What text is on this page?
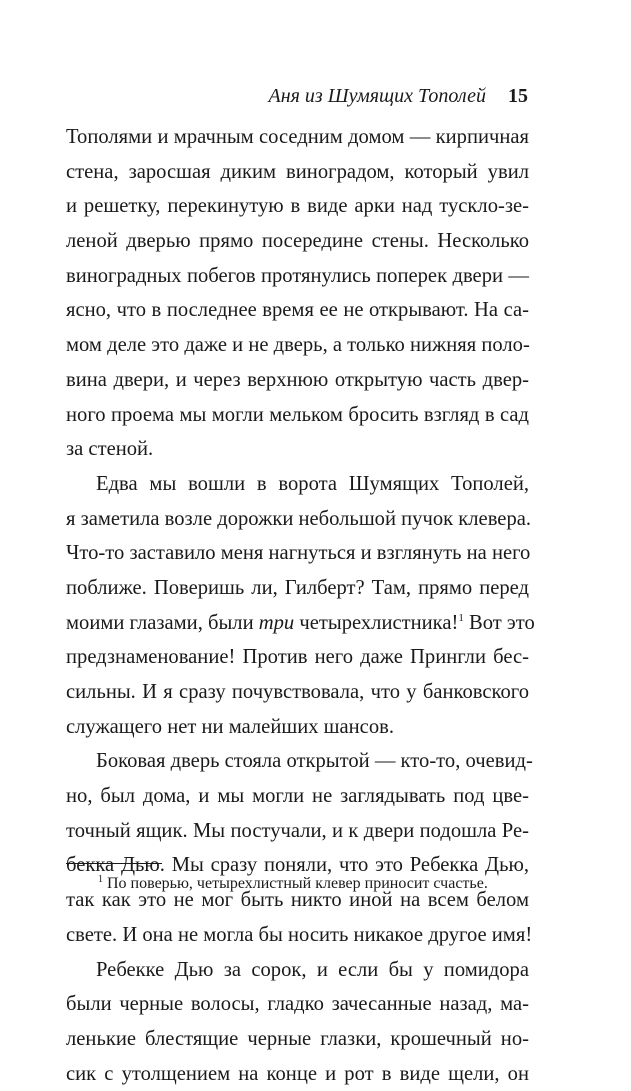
Аня из Шумящих Тополей 15
Тополями и мрачным соседним домом — кирпичная
стена, заросшая диким виноградом, который увил
и решетку, перекинутую в виде арки над тускло-зе-
леной дверью прямо посередине стены. Несколько
виноградных побегов протянулись поперек двери —
ясно, что в последнее время ее не открывают. На са-
мом деле это даже и не дверь, а только нижняя поло-
вина двери, и через верхнюю открытую часть двер-
ного проема мы могли мельком бросить взгляд в сад
за стеной.
Едва мы вошли в ворота Шумящих Тополей,
я заметила возле дорожки небольшой пучок клевера.
Что-то заставило меня нагнуться и взглянуть на него
поближе. Поверишь ли, Гилберт? Там, прямо перед
моими глазами, были три четырехлистника!$^1$ Вот это
предзнаменование! Против него даже Прингли бес-
сильны. И я сразу почувствовала, что у банковского
служащего нет ни малейших шансов.
Боковая дверь стояла открытой — кто-то, очевид-
но, был дома, и мы могли не заглядывать под цве-
точный ящик. Мы постучали, и к двери подошла Ре-
бекка Дью. Мы сразу поняли, что это Ребекка Дью,
так как это не мог быть никто иной на всем белом
свете. И она не могла бы носить никакое другое имя!
Ребекке Дью за сорок, и если бы у помидора
были черные волосы, гладко зачесанные назад, ма-
ленькие блестящие черные глазки, крошечный но-
сик с утолщением на конце и рот в виде щели, он
$^1$ По поверью, четырехлистный клевер приносит счастье.
